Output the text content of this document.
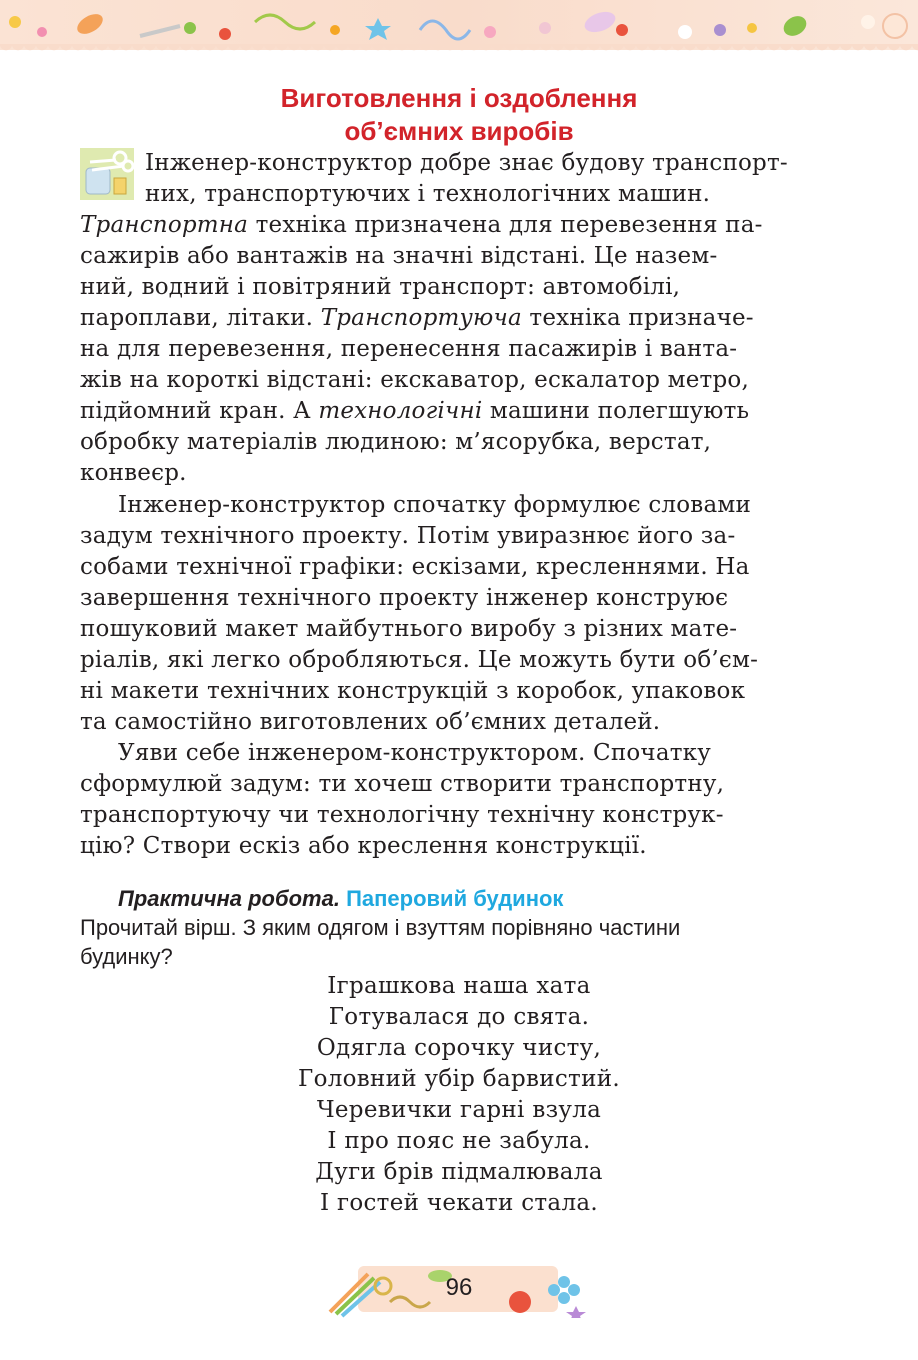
Виготовлення і оздоблення
об’ємних виробів
Інженер-конструктор добре знає будову транспорт-
них, транспортуючих і технологічних машин.
Транспортна техніка призначена для перевезення па-
сажирів або вантажів на значні відстані. Це назем-
ний, водний і повітряний транспорт: автомобілі,
пароплави, літаки. Транспортуюча техніка призначе-
на для перевезення, перенесення пасажирів і ванта-
жів на короткі відстані: екскаватор, ескалатор метро,
підйомний кран. А технологічні машини полегшують
обробку матеріалів людиною: м’ясорубка, верстат,
конвеєр.
Інженер-конструктор спочатку формулює словами
задум технічного проекту. Потім увиразнює його за-
собами технічної графіки: ескізами, кресленнями. На
завершення технічного проекту інженер конструює
пошуковий макет майбутнього виробу з різних мате-
ріалів, які легко обробляються. Це можуть бути об’єм-
ні макети технічних конструкцій з коробок, упаковок
та самостійно виготовлених об’ємних деталей.
Уяви себе інженером-конструктором. Спочатку
сформулюй задум: ти хочеш створити транспортну,
транспортуючу чи технологічну технічну конструк-
цію? Створи ескіз або креслення конструкції.
Практична робота. Паперовий будинок
Прочитай вірш. З яким одягом і взуттям порівняно частини
будинку?
Іграшкова наша хата
Готувалася до свята.
Одягла сорочку чисту,
Головний убір барвистий.
Черевички гарні взула
І про пояс не забула.
Дуги брів підмалювала
І гостей чекати стала.
96
